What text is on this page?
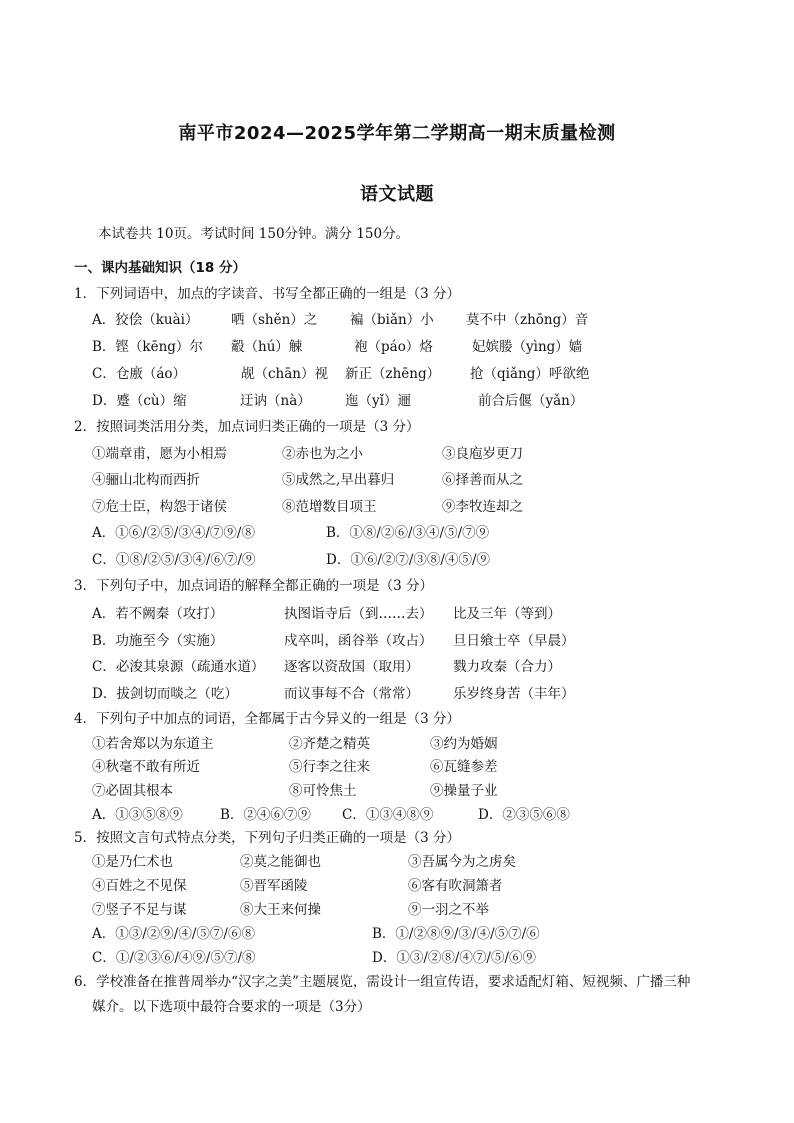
南平市2024—2025学年第二学期高一期末质量检测
语文试题
本试卷共 10页。考试时间 150分钟。满分 150分。
一、课内基础知识（18 分）
1．下列词语中，加点的字读音、书写全都正确的一组是（3 分）
A．狡侩（kuài） 哂（shěn）之 褊（biǎn）小 莫不中（zhōng）音
B．铿（kēng）尔 觳（hú）觫	袍（páo）烙	妃嫔媵（yìng）嫱
C．仓廒（áo）	觇（chān）视 新正（zhēng） 抢（qiǎng）呼欲绝
D．蹙（cù）缩	迂讷（nà）	迤（yǐ）逦	前合后偃（yǎn）
2．按照词类活用分类，加点词归类正确的一项是（3 分）
①端章甫，愿为小相焉	②赤也为之小	③良庖岁更刀
④骊山北构而西折	⑤成然之,早出暮归	⑥择善而从之
⑦危士臣，构怨于诸侯	⑧范增数目项王	⑨李牧连却之
A．①⑥/②⑤/③④/⑦⑨/⑧	B．①⑧/②⑥/③④/⑤/⑦⑨
C．①⑧/②⑤/③④/⑥⑦/⑨	D．①⑥/②⑦/③⑧/④⑤/⑨
3．下列句子中，加点词语的解释全都正确的一项是（3 分）
A．若不阙秦（攻打）	执图诣寺后（到……去） 比及三年（等到）
B．功施至今（实施）	戍卒叫，函谷举（攻占） 旦日飨士卒（早晨）
C．必浚其泉源（疏通水道） 逐客以资敌国（取用）	戮力攻秦（合力）
D．拔剑切而啖之（吃）	而议事每不合（常常）	乐岁终身苦（丰年）
4．下列句子中加点的词语，全都属于古今异义的一组是（3 分）
①若舍郑以为东道主	②齐楚之精英	③约为婚姻
④秋毫不敢有所近	⑤行李之往来	⑥瓦缝参差
⑦必固其根本	⑧可怜焦土	⑨操量子业
A．①③⑤⑧⑨	B．②④⑥⑦⑨ C．①③④⑧⑨	D．②③⑤⑥⑧
5．按照文言句式特点分类，下列句子归类正确的一项是（3 分）
①是乃仁术也	②莫之能御也	③吾属今为之虏矣
④百姓之不见保	⑤晋军函陵	⑥客有吹洞箫者
⑦竖子不足与谋	⑧大王来何操	⑨一羽之不举
A．①③/②⑨/④/⑤⑦/⑥⑧	B．①/②⑧⑨/③/④/⑤⑦/⑥
C．①/②③⑥/④⑨/⑤⑦/⑧	D．①③/②⑧/④⑦/⑤/⑥⑨
6．学校准备在推普周举办“汉字之美”主题展览，需设计一组宣传语，要求适配灯箱、短视频、广播三种
媒介。以下选项中最符合要求的一项是（3分）
